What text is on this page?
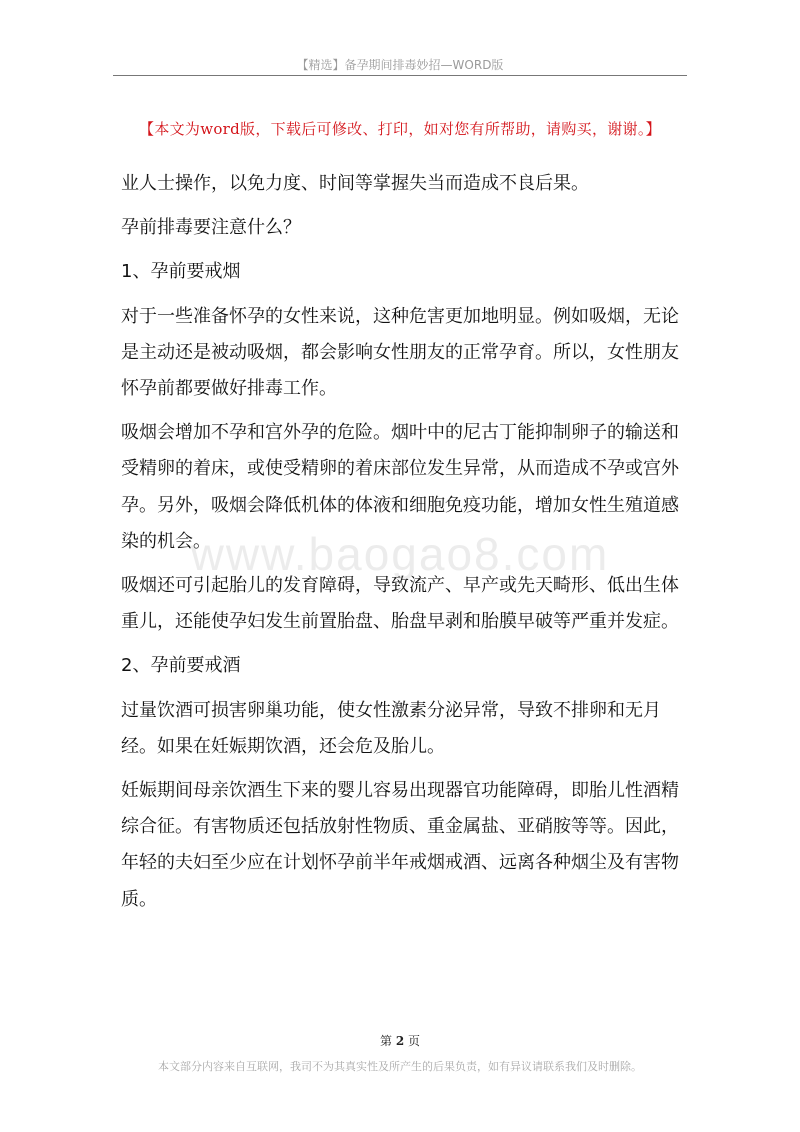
【精选】备孕期间排毒妙招—WORD版
【本文为word版，下载后可修改、打印，如对您有所帮助，请购买，谢谢。】

业人士操作，以免力度、时间等掌握失当而造成不良后果。

孕前排毒要注意什么？

1、孕前要戒烟

对于一些准备怀孕的女性来说，这种危害更加地明显。例如吸烟，无论是主动还是被动吸烟，都会影响女性朋友的正常孕育。所以，女性朋友怀孕前都要做好排毒工作。

吸烟会增加不孕和宫外孕的危险。烟叶中的尼古丁能抑制卵子的输送和受精卵的着床，或使受精卵的着床部位发生异常，从而造成不孕或宫外孕。另外，吸烟会降低机体的体液和细胞免疫功能，增加女性生殖道感染的机会。

吸烟还可引起胎儿的发育障碍，导致流产、早产或先天畸形、低出生体重儿，还能使孕妇发生前置胎盘、胎盘早剥和胎膜早破等严重并发症。

2、孕前要戒酒

过量饮酒可损害卵巢功能，使女性激素分泌异常，导致不排卵和无月经。如果在妊娠期饮酒，还会危及胎儿。

妊娠期间母亲饮酒生下来的婴儿容易出现器官功能障碍，即胎儿性酒精综合征。有害物质还包括放射性物质、重金属盐、亚硝胺等等。因此，年轻的夫妇至少应在计划怀孕前半年戒烟戒酒、远离各种烟尘及有害物质。

www.baogao8.com
第 2 页
本文部分内容来自互联网，我司不为其真实性及所产生的后果负责，如有异议请联系我们及时删除。
